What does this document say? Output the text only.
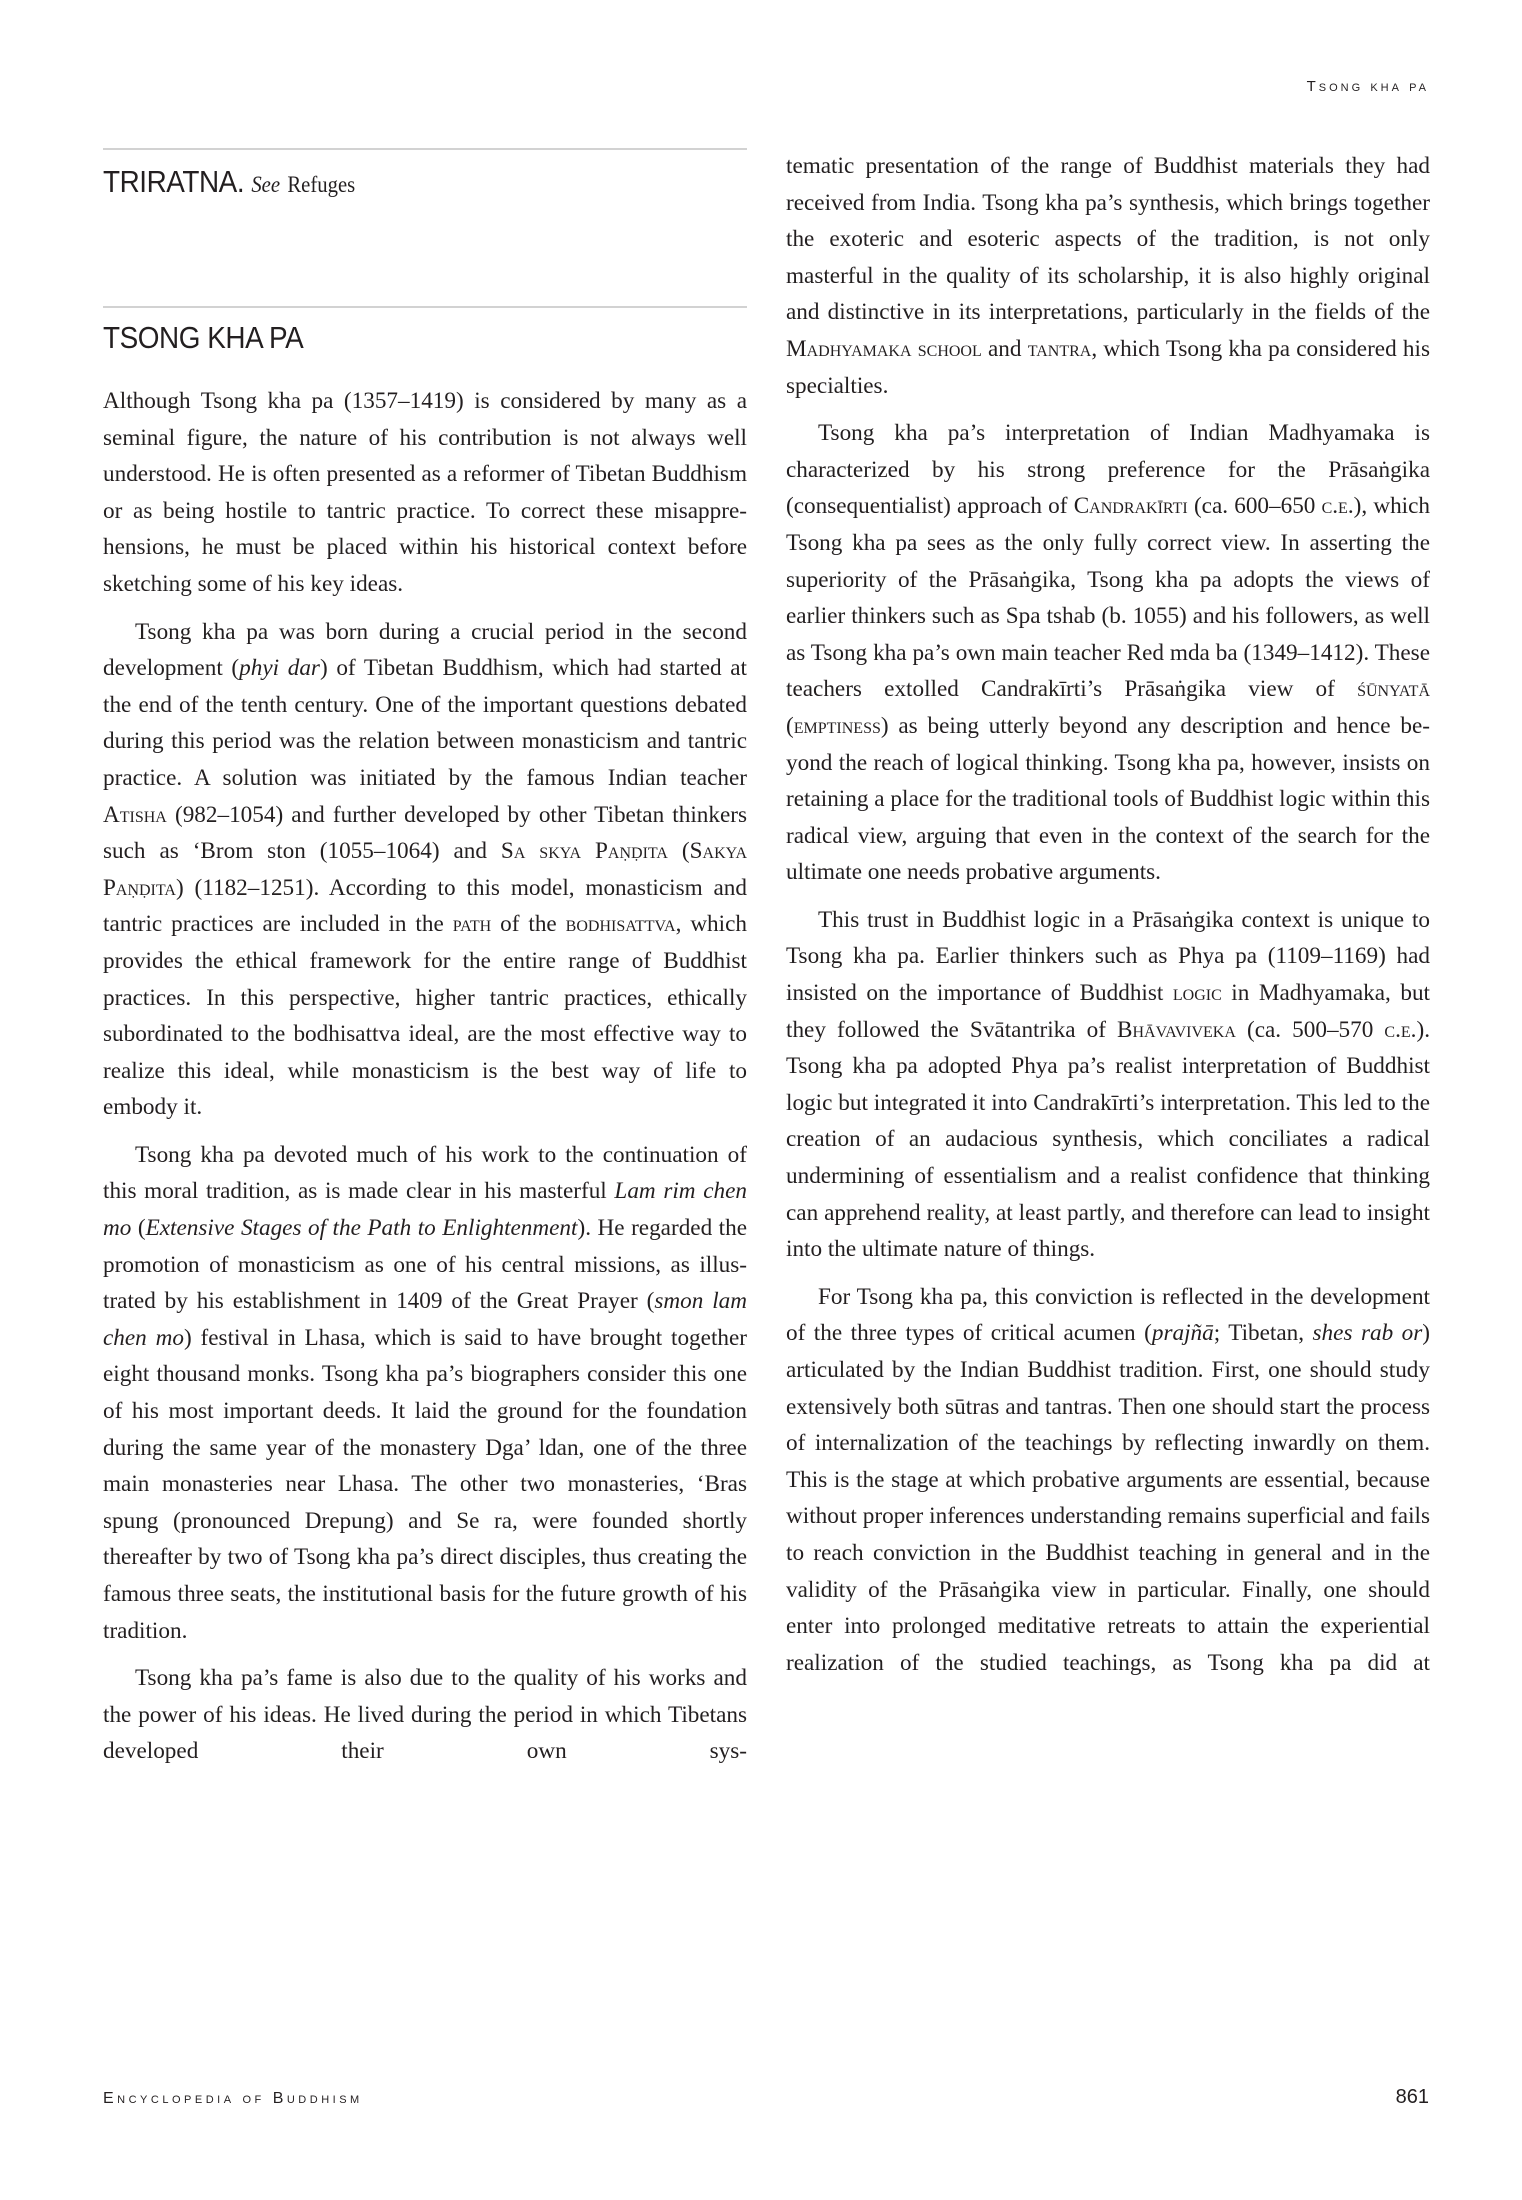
Tsong kha pa
TRIRATNA. See Refuges
TSONG KHA PA

Although Tsong kha pa (1357–1419) is considered by many as a seminal figure, the nature of his contribution is not always well understood. He is often presented as a reformer of Tibetan Buddhism or as being hostile to tantric practice. To correct these misapprehensions, he must be placed within his historical context before sketching some of his key ideas.

Tsong kha pa was born during a crucial period in the second development (phyi dar) of Tibetan Buddhism, which had started at the end of the tenth century. One of the important questions debated during this period was the relation between monasticism and tantric practice. A solution was initiated by the famous Indian teacher Atisha (982–1054) and further developed by other Tibetan thinkers such as ‘Brom ston (1055–1064) and Sa skya Paṇḍita (Sakya Paṇḍita) (1182–1251). According to this model, monasticism and tantric practices are included in the path of the bodhisattva, which provides the ethical framework for the entire range of Buddhist practices. In this perspective, higher tantric practices, ethically subordinated to the bodhisattva ideal, are the most effective way to realize this ideal, while monasticism is the best way of life to embody it.

Tsong kha pa devoted much of his work to the continuation of this moral tradition, as is made clear in his masterful Lam rim chen mo (Extensive Stages of the Path to Enlightenment). He regarded the promotion of monasticism as one of his central missions, as illustrated by his establishment in 1409 of the Great Prayer (smon lam chen mo) festival in Lhasa, which is said to have brought together eight thousand monks. Tsong kha pa’s biographers consider this one of his most important deeds. It laid the ground for the foundation during the same year of the monastery Dga’ ldan, one of the three main monasteries near Lhasa. The other two monasteries, ‘Bras spung (pronounced Drepung) and Se ra, were founded shortly thereafter by two of Tsong kha pa’s direct disciples, thus creating the famous three seats, the institutional basis for the future growth of his tradition.

Tsong kha pa’s fame is also due to the quality of his works and the power of his ideas. He lived during the period in which Tibetans developed their own sys-

tematic presentation of the range of Buddhist materials they had received from India. Tsong kha pa’s synthesis, which brings together the exoteric and esoteric aspects of the tradition, is not only masterful in the quality of its scholarship, it is also highly original and distinctive in its interpretations, particularly in the fields of the Madhyamaka school and tantra, which Tsong kha pa considered his specialties.

Tsong kha pa’s interpretation of Indian Madhyamaka is characterized by his strong preference for the Prāsaṅgika (consequentialist) approach of Candrakīrti (ca. 600–650 c.e.), which Tsong kha pa sees as the only fully correct view. In asserting the superiority of the Prāsaṅgika, Tsong kha pa adopts the views of earlier thinkers such as Spa tshab (b. 1055) and his followers, as well as Tsong kha pa’s own main teacher Red mda ba (1349–1412). These teachers extolled Candrakīrti’s Prāsaṅgika view of śūnyatā (emptiness) as being utterly beyond any description and hence beyond the reach of logical thinking. Tsong kha pa, however, insists on retaining a place for the traditional tools of Buddhist logic within this radical view, arguing that even in the context of the search for the ultimate one needs probative arguments.

This trust in Buddhist logic in a Prāsaṅgika context is unique to Tsong kha pa. Earlier thinkers such as Phya pa (1109–1169) had insisted on the importance of Buddhist logic in Madhyamaka, but they followed the Svātantrika of Bhāvaviveka (ca. 500–570 c.e.). Tsong kha pa adopted Phya pa’s realist interpretation of Buddhist logic but integrated it into Candrakīrti’s interpretation. This led to the creation of an audacious synthesis, which conciliates a radical undermining of essentialism and a realist confidence that thinking can apprehend reality, at least partly, and therefore can lead to insight into the ultimate nature of things.

For Tsong kha pa, this conviction is reflected in the development of the three types of critical acumen (prajñā; Tibetan, shes rab or) articulated by the Indian Buddhist tradition. First, one should study extensively both sūtras and tantras. Then one should start the process of internalization of the teachings by reflecting inwardly on them. This is the stage at which probative arguments are essential, because without proper inferences understanding remains superficial and fails to reach conviction in the Buddhist teaching in general and in the validity of the Prāsaṅgika view in particular. Finally, one should enter into prolonged meditative retreats to attain the experiential realization of the studied teachings, as Tsong kha pa did at

Encyclopedia of Buddhism	861
